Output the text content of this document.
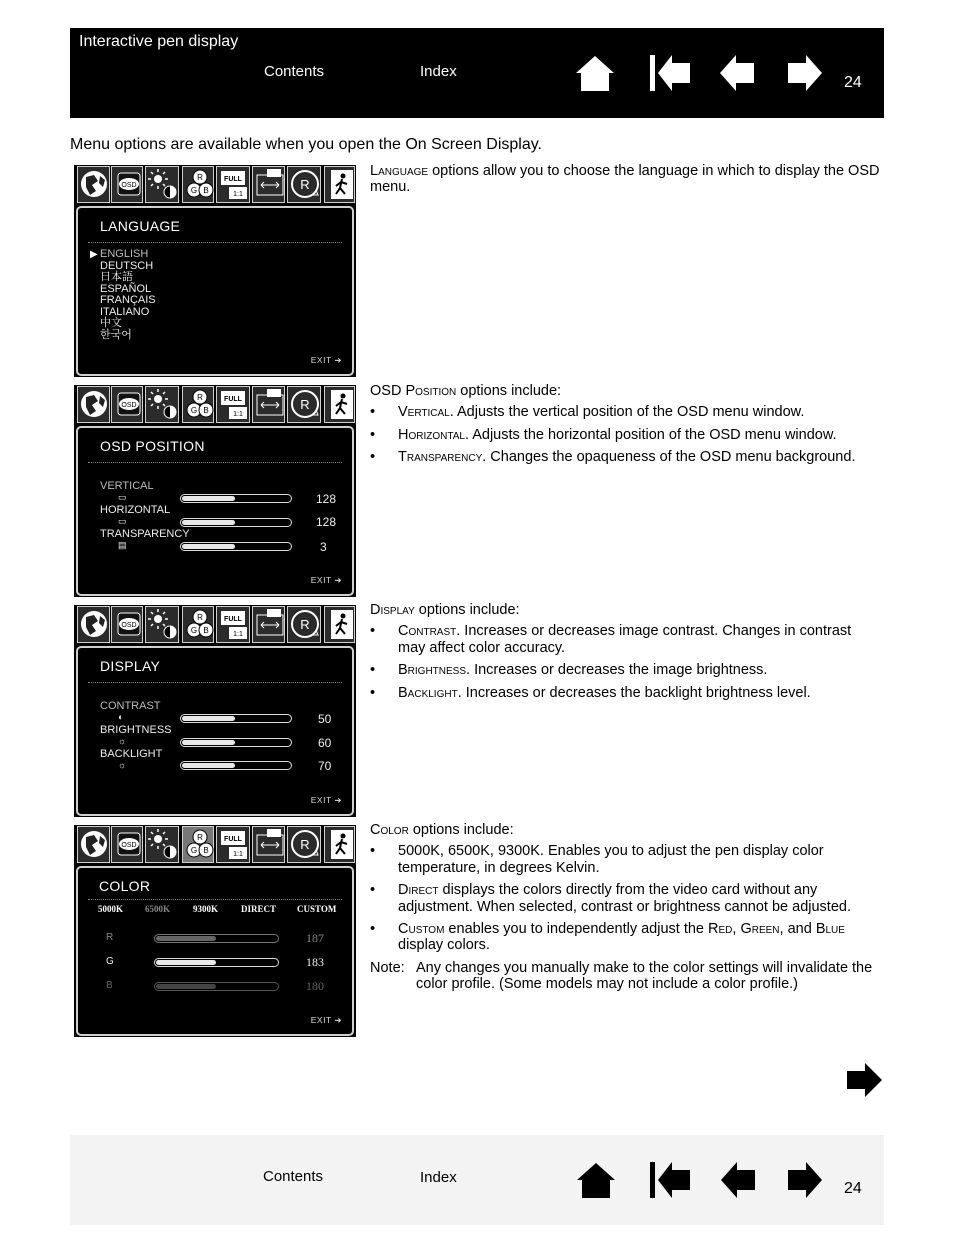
Interactive pen display
Contents	Index
24
Menu options are available when you open the On Screen Display.
LANGUAGE
▶ ENGLISH
DEUTSCH
日本語
ESPAÑOL
FRANÇAIS
ITALIANO
中文
한국어
EXIT ➜
OSD
R
G B
FULL
1:1
R
Language options allow you to choose the language in which to display the OSD menu.
OSD POSITION
VERTICAL
▭	128
HORIZONTAL
▭	128
TRANSPARENCY
▤	3
EXIT ➜
OSD
R
G B
FULL
1:1
R
OSD Position options include:
• Vertical. Adjusts the vertical position of the OSD menu window.
• Horizontal. Adjusts the horizontal position of the OSD menu window.
• Transparency. Changes the opaqueness of the OSD menu background.
DISPLAY
CONTRAST
◐	50
BRIGHTNESS
☼	60
BACKLIGHT
☼	70
EXIT ➜
OSD
R
G B
FULL
1:1
R
Display options include:
• Contrast. Increases or decreases image contrast. Changes in contrast may affect color accuracy.
• Brightness. Increases or decreases the image brightness.
• Backlight. Increases or decreases the backlight brightness level.
COLOR
5000K 6500K	9300K	DIRECT CUSTOM
R	187
G	183
B	180
EXIT ➜
OSD
R
G B
FULL
1:1
R
Color options include:
• 5000K, 6500K, 9300K. Enables you to adjust the pen display color temperature, in degrees Kelvin.
• Direct displays the colors directly from the video card without any adjustment. When selected, contrast or brightness cannot be adjusted.
• Custom enables you to independently adjust the Red, Green, and Blue display colors.
Note: Any changes you manually make to the color settings will invalidate the color profile. (Some models may not include a color profile.)
Contents	Index
24
